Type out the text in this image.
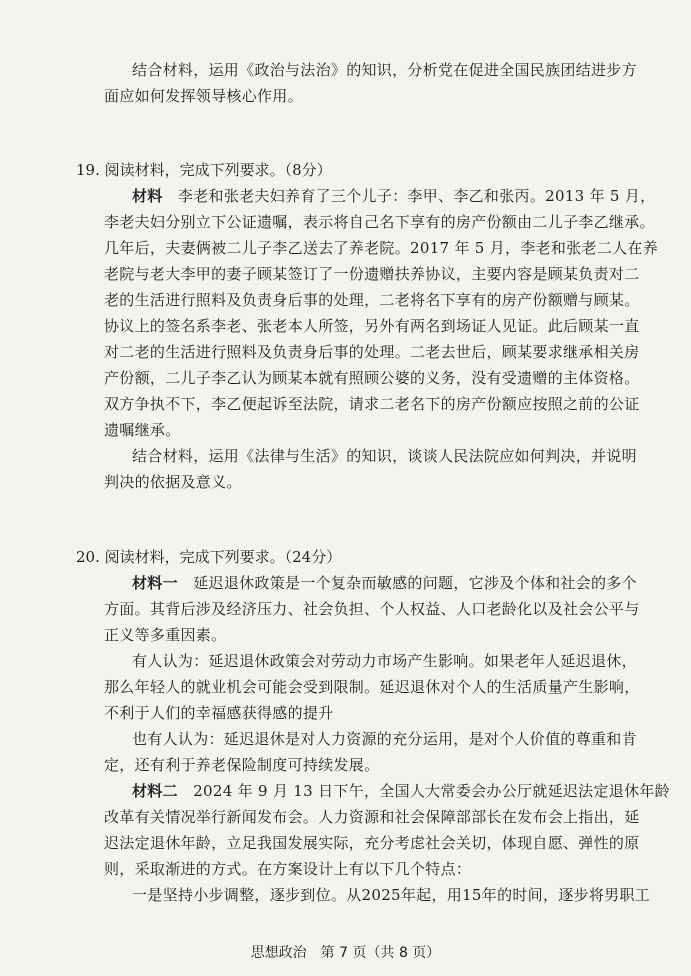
结合材料，运用《政治与法治》的知识，分析党在促进全国民族团结进步方
面应如何发挥领导核心作用。
19. 阅读材料，完成下列要求。（8分）
材料　 李老和张老夫妇养育了三个儿子：李甲、李乙和张丙。2013 年 5 月，
李老夫妇分别立下公证遗嘱，表示将自己名下享有的房产份额由二儿子李乙继承。
几年后，夫妻俩被二儿子李乙送去了养老院。2017 年 5 月，李老和张老二人在养
老院与老大李甲的妻子顾某签订了一份遗赠扶养协议，主要内容是顾某负责对二
老的生活进行照料及负责身后事的处理，二老将名下享有的房产份额赠与顾某。
协议上的签名系李老、张老本人所签，另外有两名到场证人见证。此后顾某一直
对二老的生活进行照料及负责身后事的处理。二老去世后，顾某要求继承相关房
产份额，二儿子李乙认为顾某本就有照顾公婆的义务，没有受遗赠的主体资格。
双方争执不下，李乙便起诉至法院，请求二老名下的房产份额应按照之前的公证
遗嘱继承。
结合材料，运用《法律与生活》的知识，谈谈人民法院应如何判决，并说明
判决的依据及意义。
20. 阅读材料，完成下列要求。（24分）
材料一　 延迟退休政策是一个复杂而敏感的问题，它涉及个体和社会的多个
方面。其背后涉及经济压力、社会负担、个人权益、人口老龄化以及社会公平与
正义等多重因素。
有人认为：延迟退休政策会对劳动力市场产生影响。如果老年人延迟退休，
那么年轻人的就业机会可能会受到限制。延迟退休对个人的生活质量产生影响，
不利于人们的幸福感获得感的提升
也有人认为：延迟退休是对人力资源的充分运用，是对个人价值的尊重和肯
定，还有利于养老保险制度可持续发展。
材料二　 2024 年 9 月 13 日下午，全国人大常委会办公厅就延迟法定退休年龄
改革有关情况举行新闻发布会。人力资源和社会保障部部长在发布会上指出，延
迟法定退休年龄，立足我国发展实际，充分考虑社会关切，体现自愿、弹性的原
则，采取渐进的方式。在方案设计上有以下几个特点：
一是坚持小步调整，逐步到位。从2025年起，用15年的时间，逐步将男职工
思想政治　第 7 页（共 8 页）
